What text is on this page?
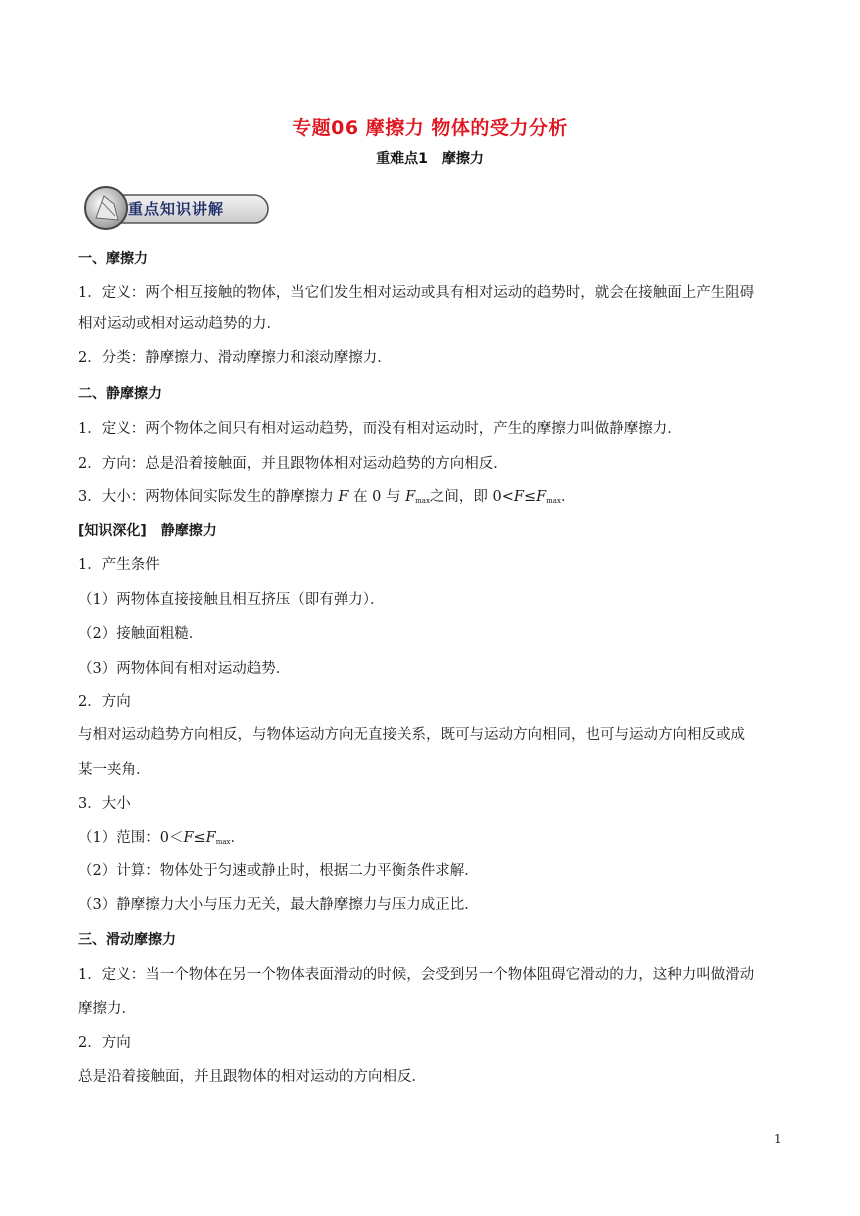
专题06 摩擦力 物体的受力分析
重难点1　摩擦力
重点知识讲解
一、摩擦力
1．定义：两个相互接触的物体，当它们发生相对运动或具有相对运动的趋势时，就会在接触面上产生阻碍
相对运动或相对运动趋势的力．
2．分类：静摩擦力、滑动摩擦力和滚动摩擦力．
二、静摩擦力
1．定义：两个物体之间只有相对运动趋势，而没有相对运动时，产生的摩擦力叫做静摩擦力．
2．方向：总是沿着接触面，并且跟物体相对运动趋势的方向相反．
3．大小：两物体间实际发生的静摩擦力 F 在 0 与 $F_{max}$之间，即 $0<F\le F_{max}$．
[知识深化]　静摩擦力
1．产生条件
（1）两物体直接接触且相互挤压（即有弹力）．
（2）接触面粗糙．
（3）两物体间有相对运动趋势．
2．方向
与相对运动趋势方向相反，与物体运动方向无直接关系，既可与运动方向相同，也可与运动方向相反或成
某一夹角．
3．大小
（1）范围：$0<F\le F_{max}$．
（2）计算：物体处于匀速或静止时，根据二力平衡条件求解．
（3）静摩擦力大小与压力无关，最大静摩擦力与压力成正比．
三、滑动摩擦力
1．定义：当一个物体在另一个物体表面滑动的时候，会受到另一个物体阻碍它滑动的力，这种力叫做滑动
摩擦力．
2．方向
总是沿着接触面，并且跟物体的相对运动的方向相反．
1
